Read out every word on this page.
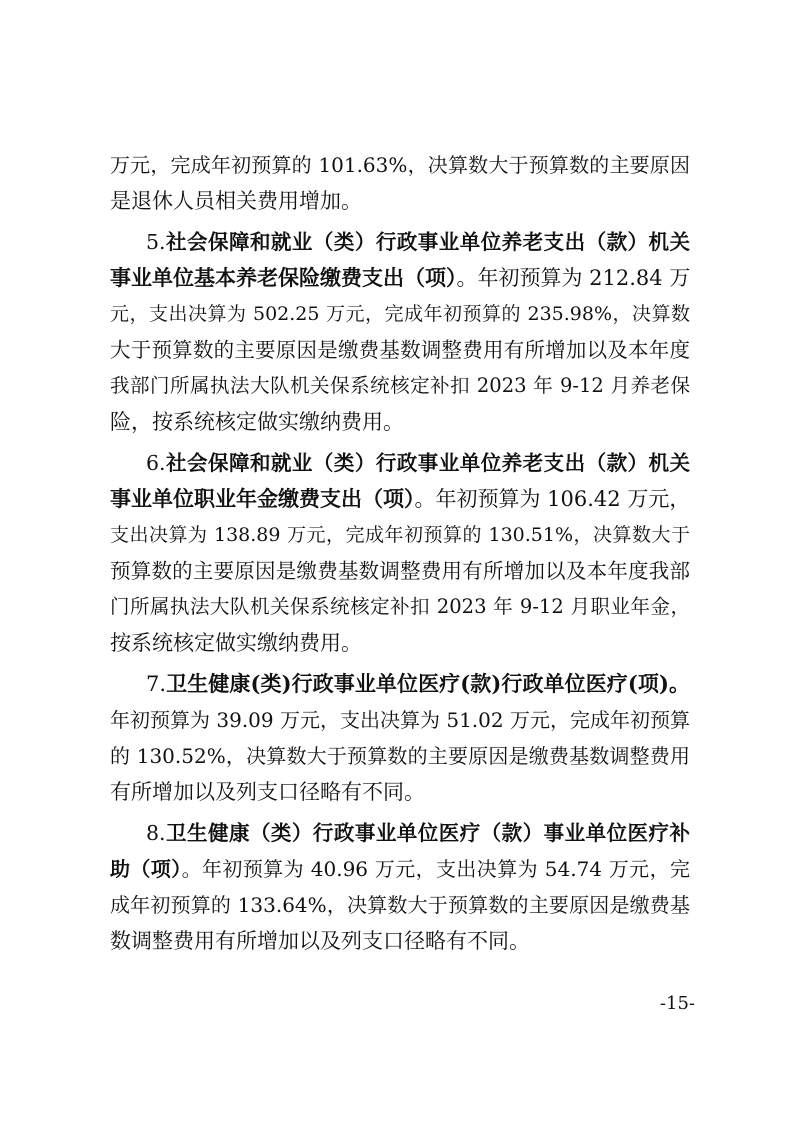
万元，完成年初预算的 101.63%，决算数大于预算数的主要原因
是退休人员相关费用增加。
5.社会保障和就业（类）行政事业单位养老支出（款）机关
事业单位基本养老保险缴费支出（项）。年初预算为 212.84 万
元，支出决算为 502.25 万元，完成年初预算的 235.98%，决算数
大于预算数的主要原因是缴费基数调整费用有所增加以及本年度
我部门所属执法大队机关保系统核定补扣 2023 年 9-12 月养老保
险，按系统核定做实缴纳费用。
6.社会保障和就业（类）行政事业单位养老支出（款）机关
事业单位职业年金缴费支出（项）。年初预算为 106.42 万元，
支出决算为 138.89 万元，完成年初预算的 130.51%，决算数大于
预算数的主要原因是缴费基数调整费用有所增加以及本年度我部
门所属执法大队机关保系统核定补扣 2023 年 9-12 月职业年金，
按系统核定做实缴纳费用。
7.卫生健康(类)行政事业单位医疗(款)行政单位医疗(项)。
年初预算为 39.09 万元，支出决算为 51.02 万元，完成年初预算
的 130.52%，决算数大于预算数的主要原因是缴费基数调整费用
有所增加以及列支口径略有不同。
8.卫生健康（类）行政事业单位医疗（款）事业单位医疗补
助（项）。年初预算为 40.96 万元，支出决算为 54.74 万元，完
成年初预算的 133.64%，决算数大于预算数的主要原因是缴费基
数调整费用有所增加以及列支口径略有不同。
-15-
